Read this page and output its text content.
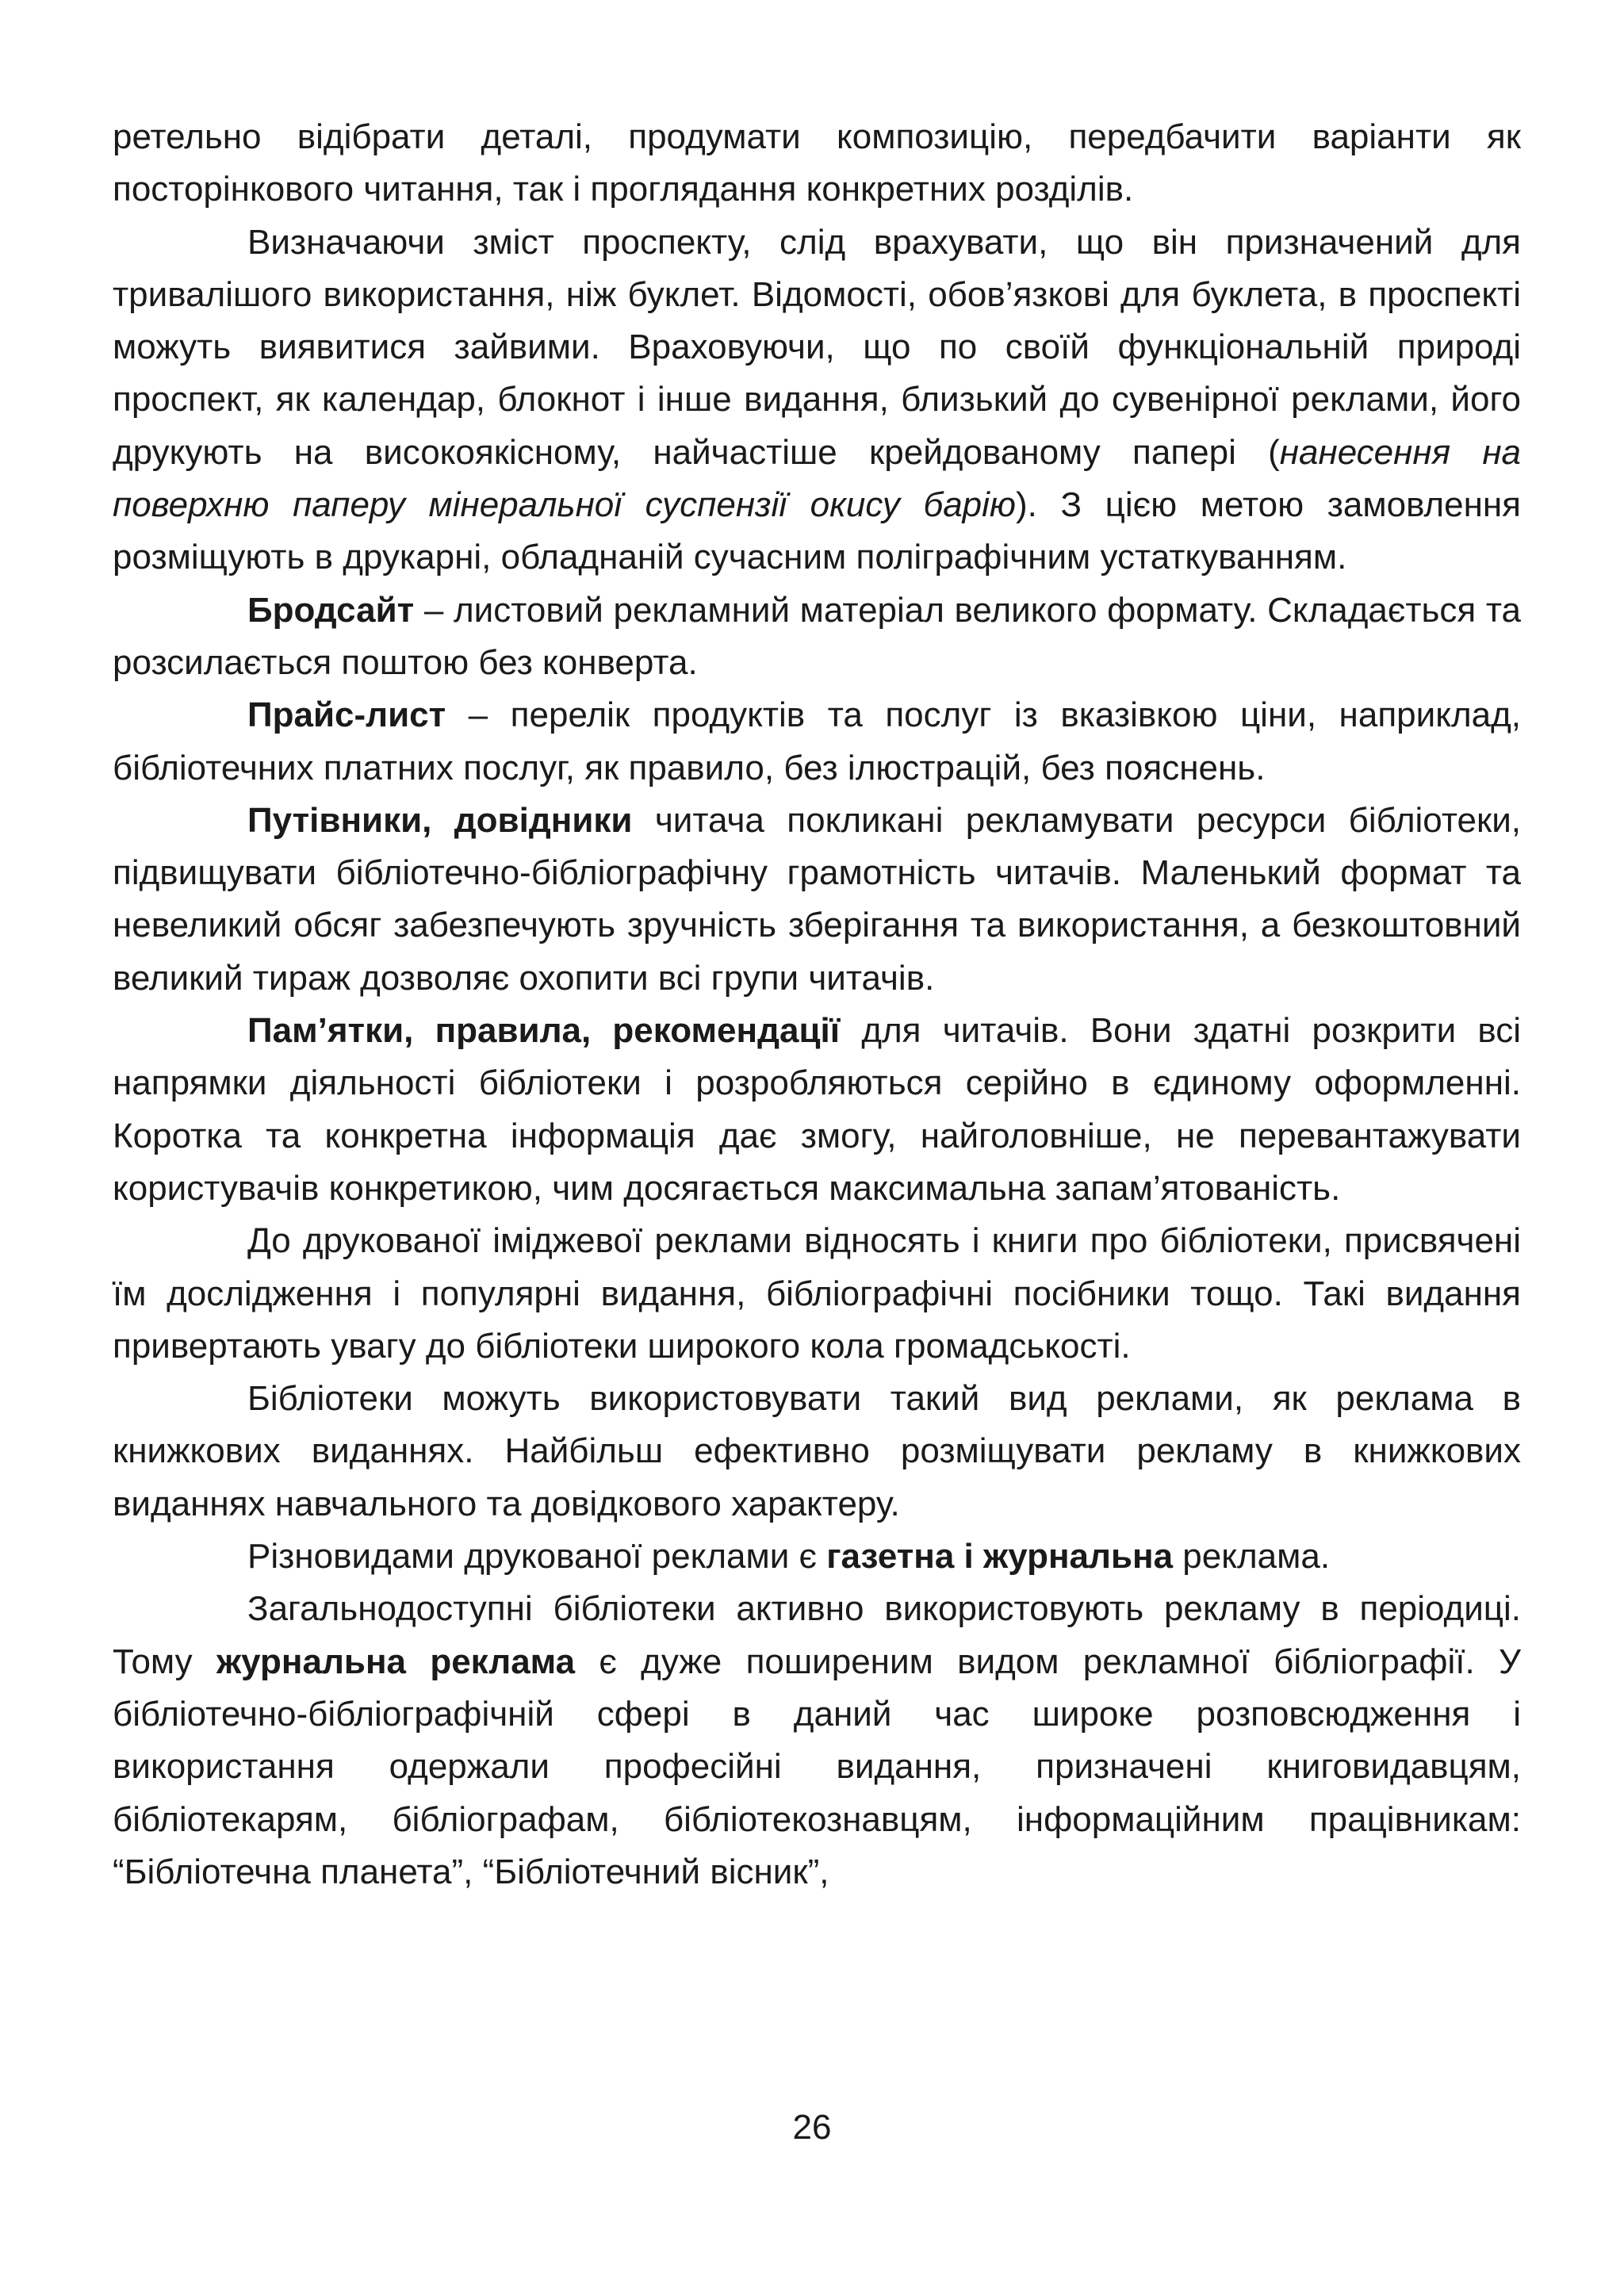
ретельно відібрати деталі, продумати композицію, передбачити варіанти як посторінкового читання, так і проглядання конкретних розділів.

Визначаючи зміст проспекту, слід врахувати, що він призначений для тривалішого використання, ніж буклет. Відомості, обов’язкові для буклета, в проспекті можуть виявитися зайвими. Враховуючи, що по своїй функціональній природі проспект, як календар, блокнот і інше видання, близький до сувенірної реклами, його друкують на високоякісному, найчастіше крейдованому папері (нанесення на поверхню паперу мінеральної суспензії окису барію). З цією метою замовлення розміщують в друкарні, обладнаній сучасним поліграфічним устаткуванням.

Бродсайт – листовий рекламний матеріал великого формату. Складається та розсилається поштою без конверта.

Прайс-лист – перелік продуктів та послуг із вказівкою ціни, наприклад, бібліотечних платних послуг, як правило, без ілюстрацій, без пояснень.

Путівники, довідники читача покликані рекламувати ресурси бібліотеки, підвищувати бібліотечно-бібліографічну грамотність читачів. Маленький формат та невеликий обсяг забезпечують зручність зберігання та використання, а безкоштовний великий тираж дозволяє охопити всі групи читачів.

Пам’ятки, правила, рекомендації для читачів. Вони здатні розкрити всі напрямки діяльності бібліотеки і розробляються серійно в єдиному оформленні. Коротка та конкретна інформація дає змогу, найголовніше, не перевантажувати користувачів конкретикою, чим досягається максимальна запам’ятованість.

До друкованої іміджевої реклами відносять і книги про бібліотеки, присвячені їм дослідження і популярні видання, бібліографічні посібники тощо. Такі видання привертають увагу до бібліотеки широкого кола громадськості.

Бібліотеки можуть використовувати такий вид реклами, як реклама в книжкових виданнях. Найбільш ефективно розміщувати рекламу в книжкових виданнях навчального та довідкового характеру.

Різновидами друкованої реклами є газетна і журнальна реклама.

Загальнодоступні бібліотеки активно використовують рекламу в періодиці. Тому журнальна реклама є дуже поширеним видом рекламної бібліографії. У бібліотечно-бібліографічній сфері в даний час широке розповсюдження і використання одержали професійні видання, призначені книговидавцям, бібліотекарям, бібліографам, бібліотекознавцям, інформаційним працівникам: “Бібліотечна планета”, “Бібліотечний вісник”,

26
